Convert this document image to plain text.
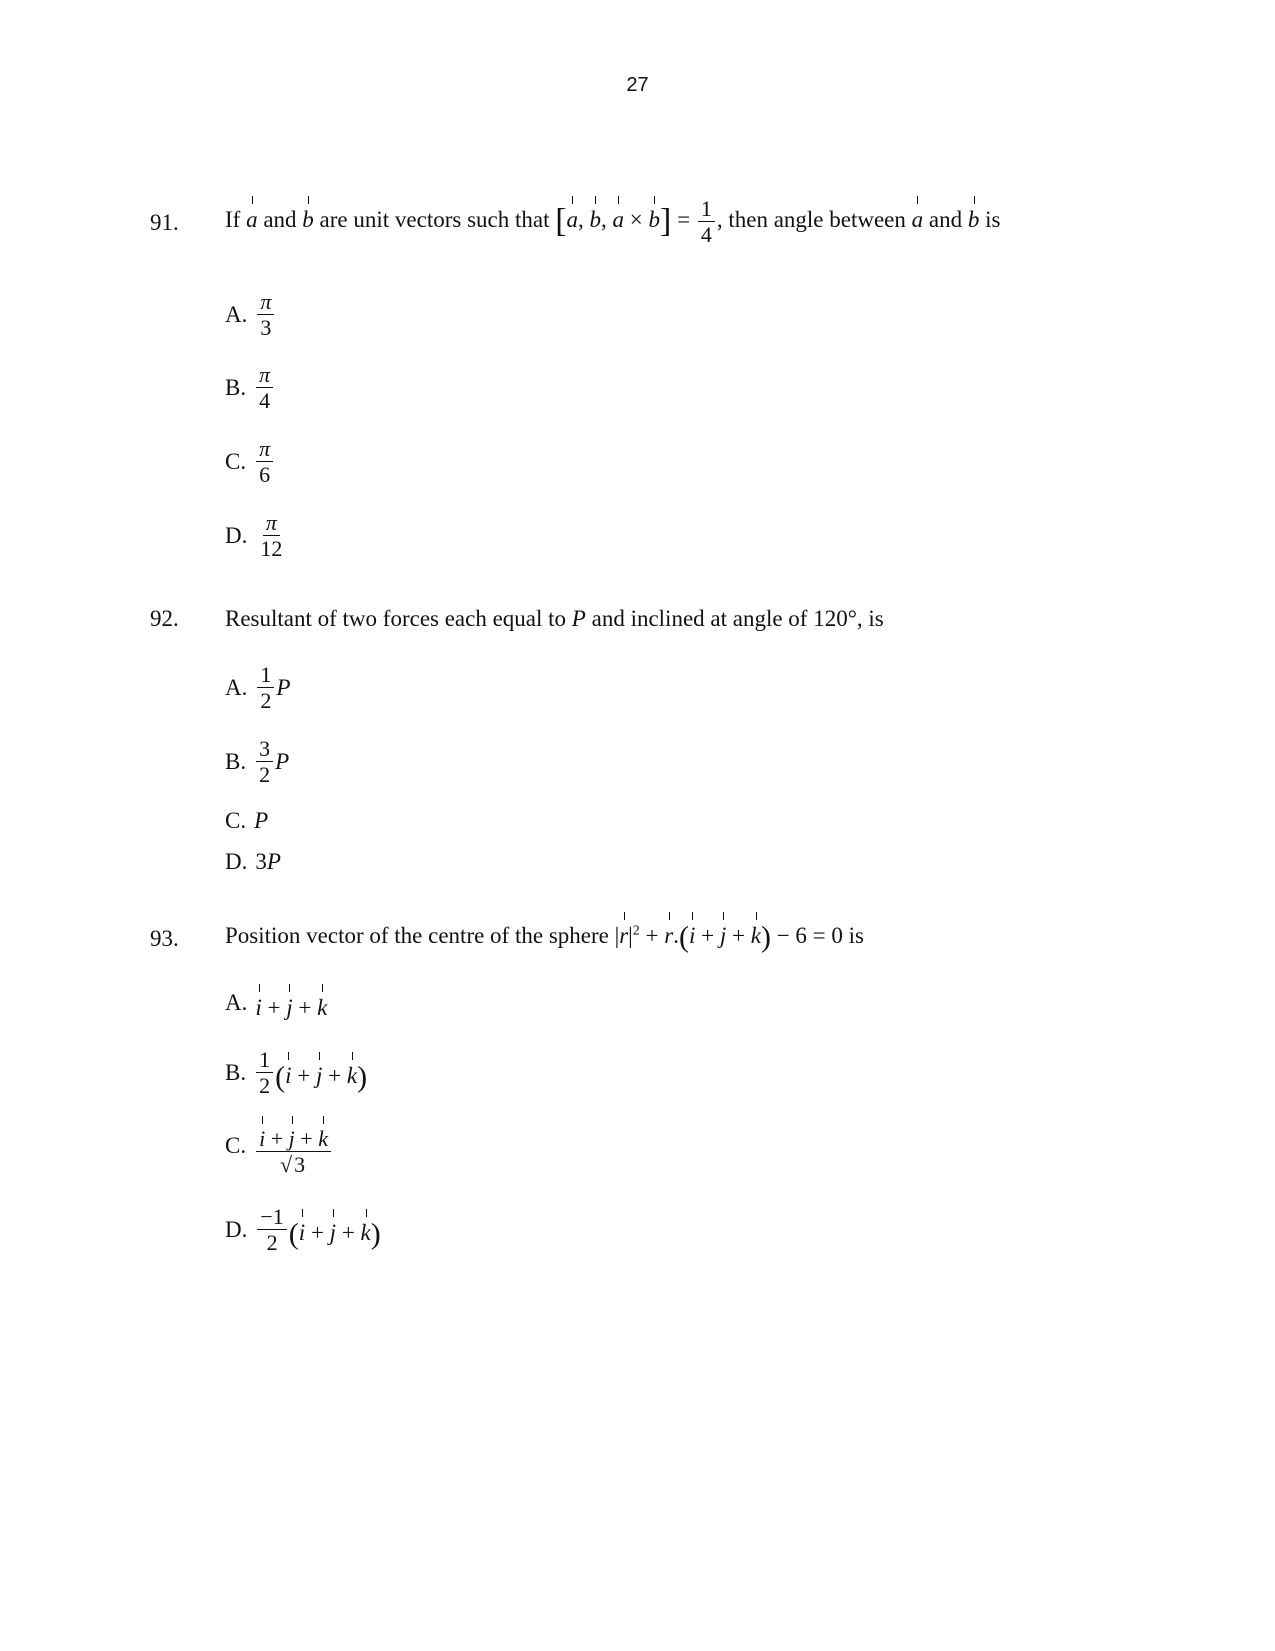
27
91. If a and b are unit vectors such that [a, b, $a \times b] = \frac{1}{4}$ , then angle between a and b is
A. $\frac{\pi}{3}$
B. $\frac{\pi}{4}$
C. $\frac{\pi}{6}$
D. $\frac{\pi}{12}$
92. Resultant of two forces each equal to P and inclined at angle of 120°, is
A. $\frac{1}{2}$ P
B. $\frac{3}{2}$ P
C. P
D. 3 P
93. Position vector of the centre of the sphere $|r|^2 + r.(i + j + k) - 6 = 0$ is
A. i + j + k
B. $\frac{1}{2} (i + j + k)$
C. $\frac{i + j + k}{√3}$
D. $\frac{-1}{2} (i + j + k)$
